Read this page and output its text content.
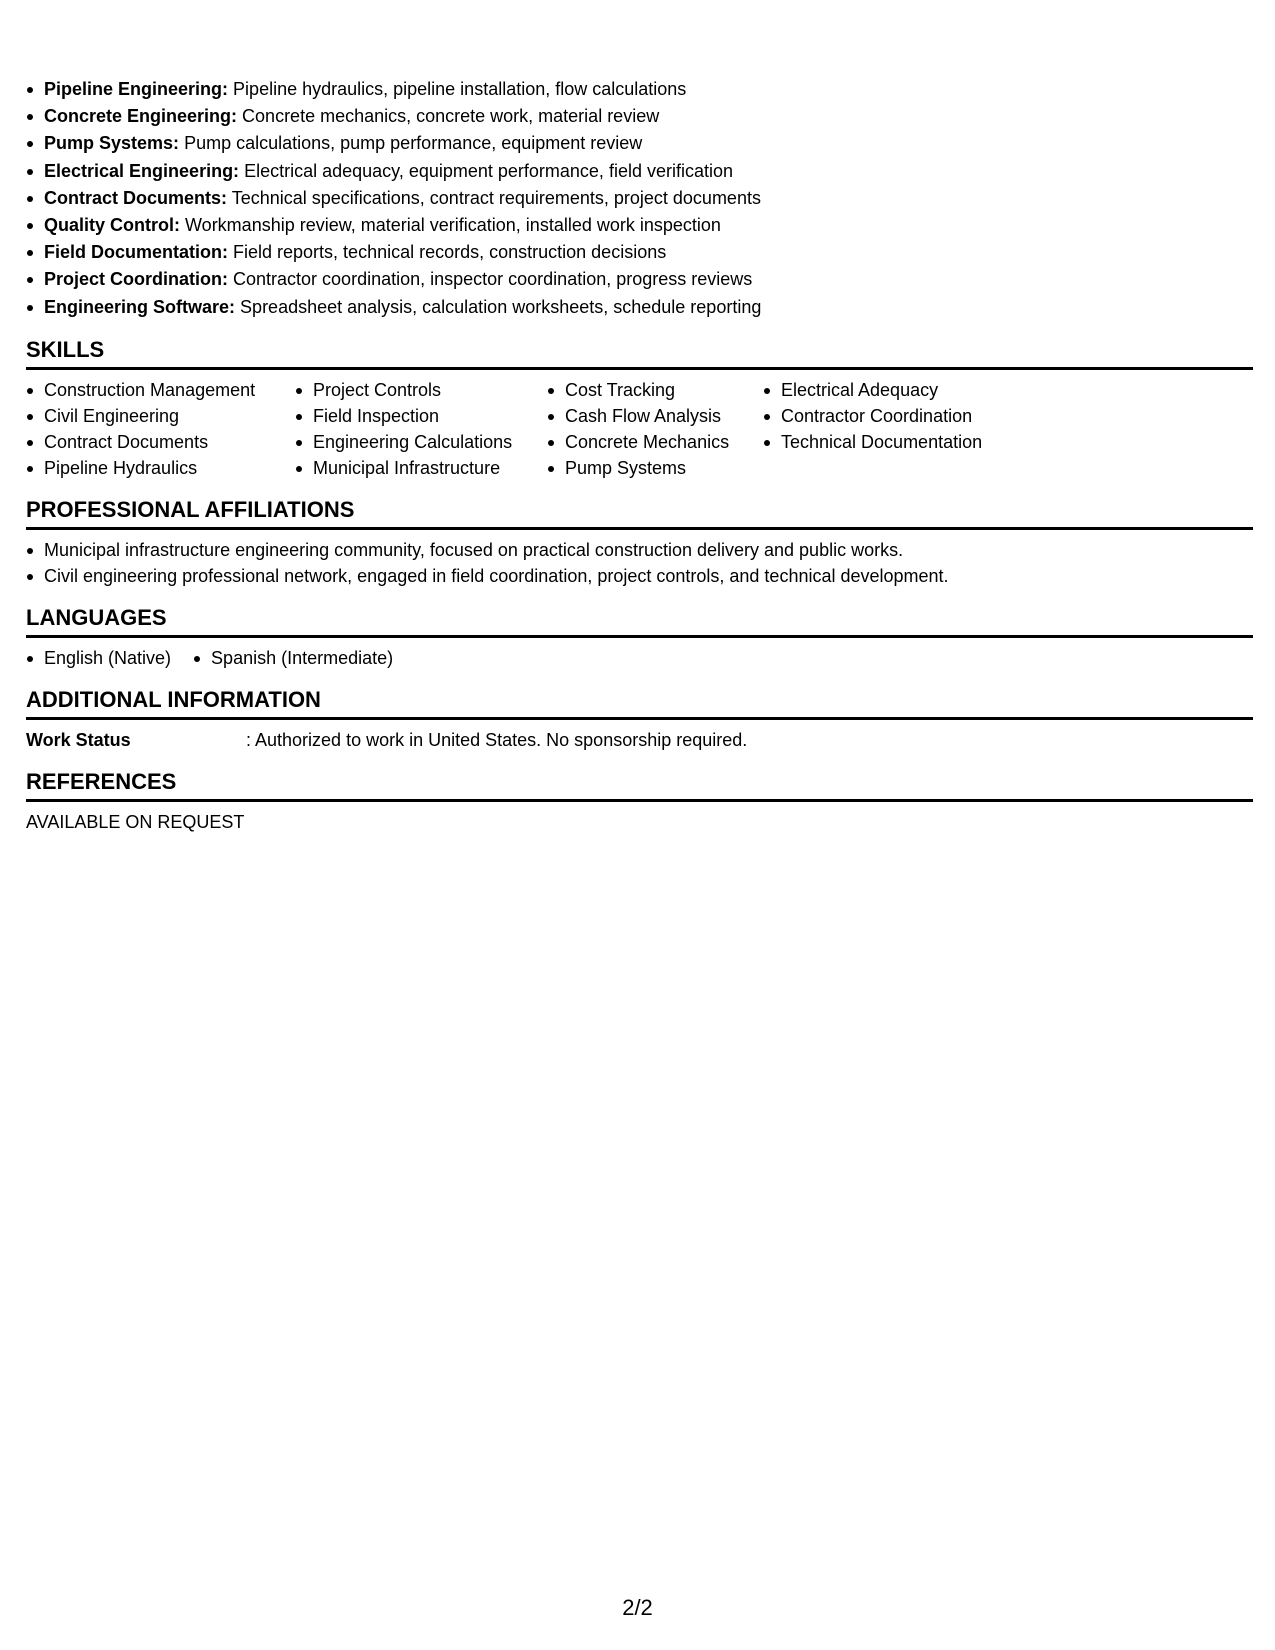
Pipeline Engineering: Pipeline hydraulics, pipeline installation, flow calculations
Concrete Engineering: Concrete mechanics, concrete work, material review
Pump Systems: Pump calculations, pump performance, equipment review
Electrical Engineering: Electrical adequacy, equipment performance, field verification
Contract Documents: Technical specifications, contract requirements, project documents
Quality Control: Workmanship review, material verification, installed work inspection
Field Documentation: Field reports, technical records, construction decisions
Project Coordination: Contractor coordination, inspector coordination, progress reviews
Engineering Software: Spreadsheet analysis, calculation worksheets, schedule reporting
SKILLS
Construction Management
Civil Engineering
Contract Documents
Pipeline Hydraulics
Project Controls
Field Inspection
Engineering Calculations
Municipal Infrastructure
Cost Tracking
Cash Flow Analysis
Concrete Mechanics
Pump Systems
Electrical Adequacy
Contractor Coordination
Technical Documentation
PROFESSIONAL AFFILIATIONS
Municipal infrastructure engineering community, focused on practical construction delivery and public works.
Civil engineering professional network, engaged in field coordination, project controls, and technical development.
LANGUAGES
English (Native)	Spanish (Intermediate)
ADDITIONAL INFORMATION
Work Status	: Authorized to work in United States. No sponsorship required.
REFERENCES
AVAILABLE ON REQUEST
2/2
